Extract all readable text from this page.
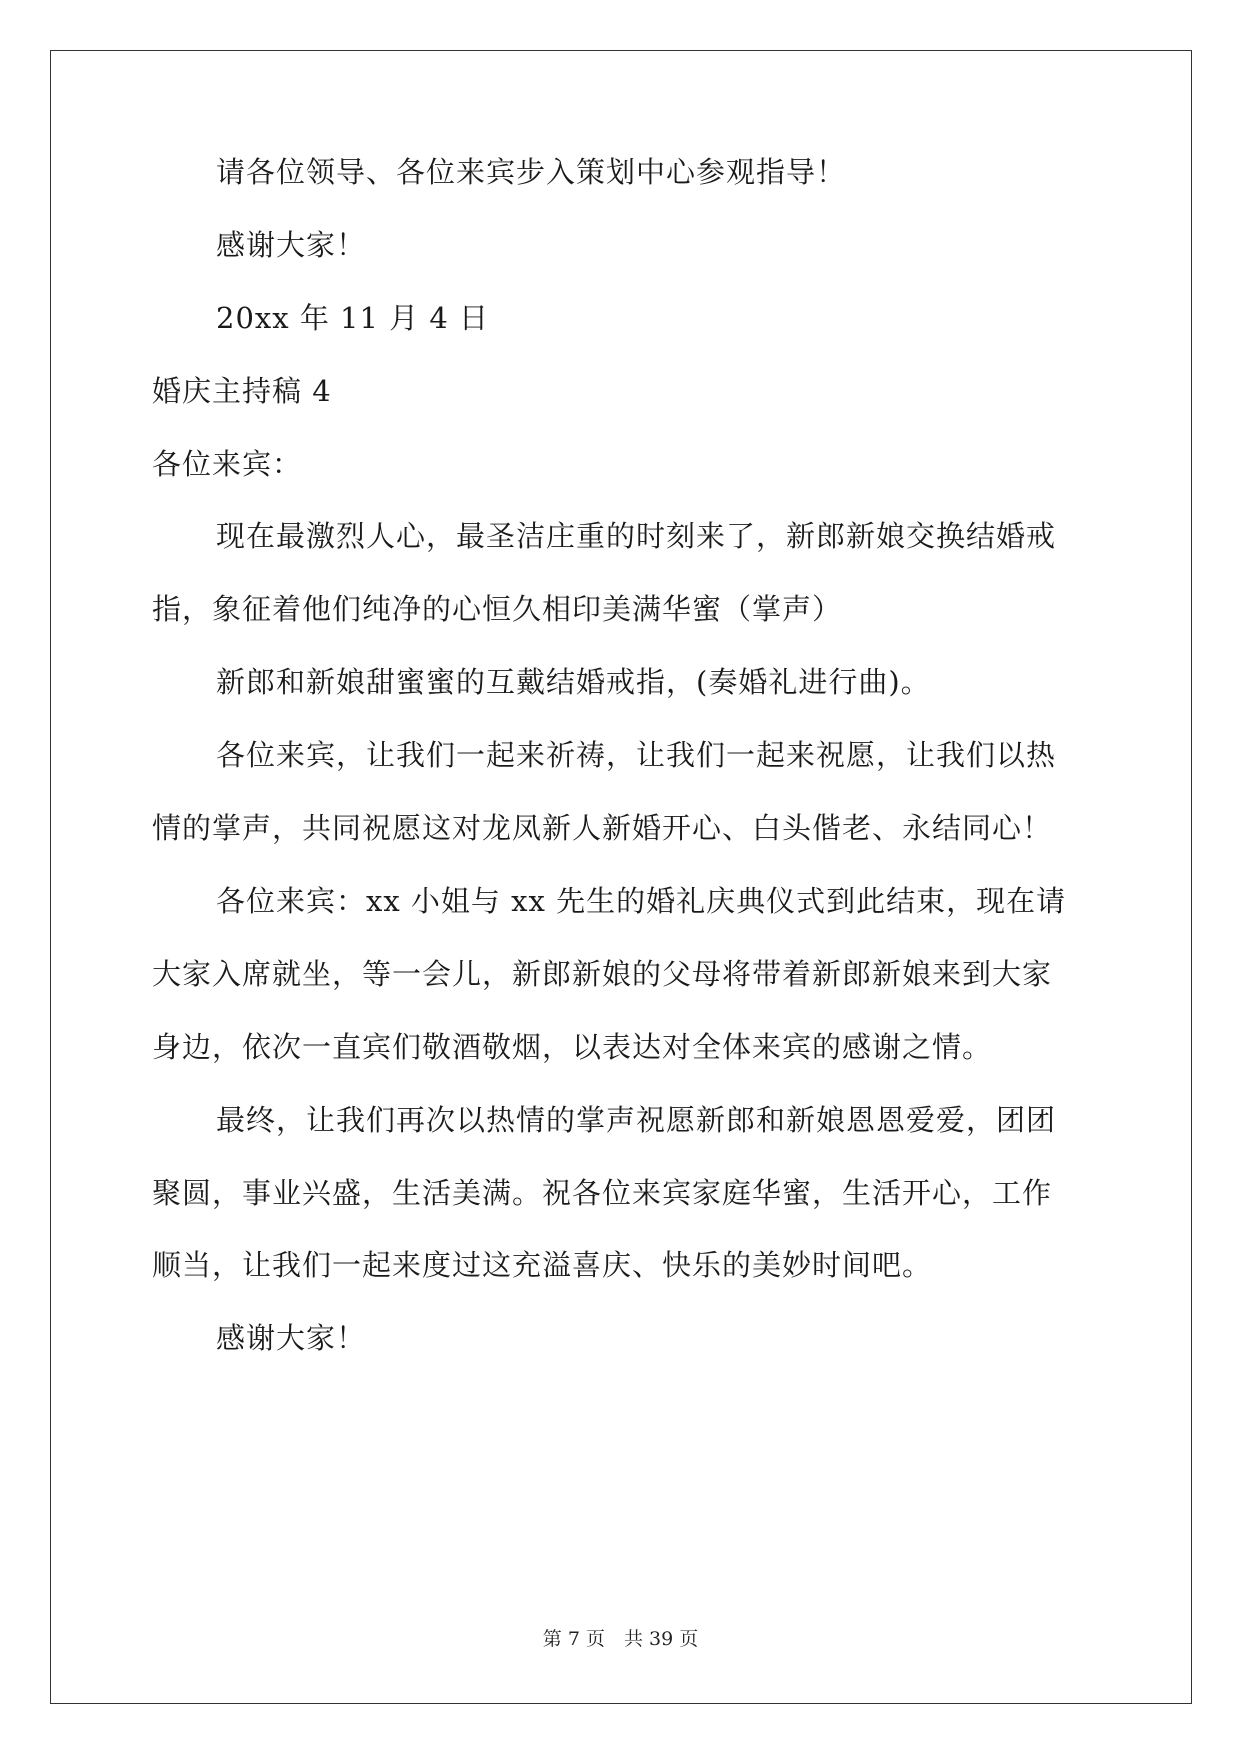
请各位领导、各位来宾步入策划中心参观指导！
感谢大家！
20xx 年 11 月 4 日
婚庆主持稿 4
各位来宾：
现在最激烈人心，最圣洁庄重的时刻来了，新郎新娘交换结婚戒
指，象征着他们纯净的心恒久相印美满华蜜（掌声）
新郎和新娘甜蜜蜜的互戴结婚戒指，(奏婚礼进行曲)。
各位来宾，让我们一起来祈祷，让我们一起来祝愿，让我们以热
情的掌声，共同祝愿这对龙凤新人新婚开心、白头偕老、永结同心！
各位来宾：xx 小姐与 xx 先生的婚礼庆典仪式到此结束，现在请
大家入席就坐，等一会儿，新郎新娘的父母将带着新郎新娘来到大家
身边，依次一直宾们敬酒敬烟，以表达对全体来宾的感谢之情。
最终，让我们再次以热情的掌声祝愿新郎和新娘恩恩爱爱，团团
聚圆，事业兴盛，生活美满。祝各位来宾家庭华蜜，生活开心，工作
顺当，让我们一起来度过这充溢喜庆、快乐的美妙时间吧。
感谢大家！
第 7 页　共 39 页
